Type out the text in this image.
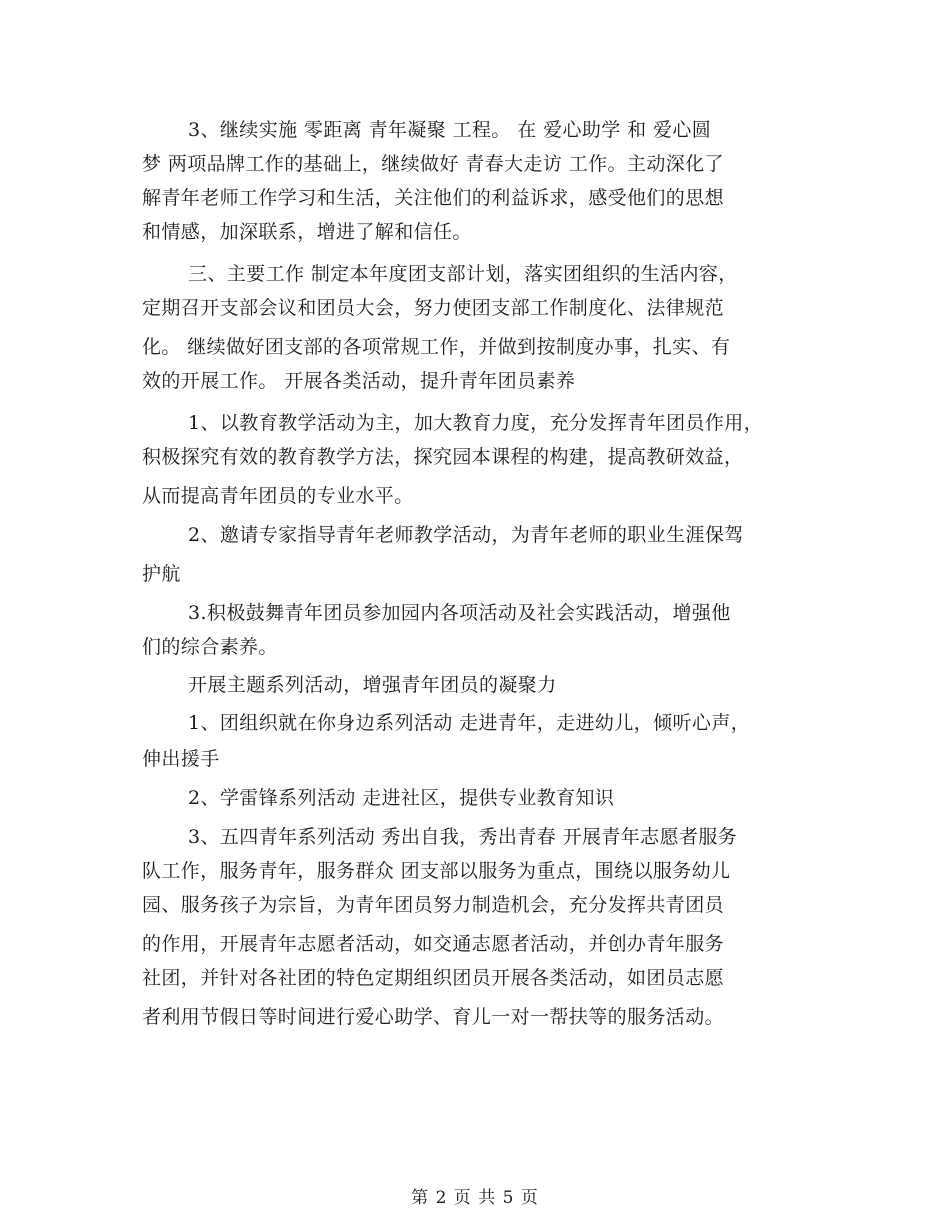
3、继续实施 零距离 青年凝聚 工程。 在 爱心助学 和 爱心圆
梦 两项品牌工作的基础上，继续做好 青春大走访 工作。主动深化了
解青年老师工作学习和生活，关注他们的利益诉求，感受他们的思想
和情感，加深联系，增进了解和信任。
三、主要工作 制定本年度团支部计划，落实团组织的生活内容，
定期召开支部会议和团员大会，努力使团支部工作制度化、法律规范
化。 继续做好团支部的各项常规工作，并做到按制度办事，扎实、有
效的开展工作。 开展各类活动，提升青年团员素养
1、以教育教学活动为主，加大教育力度，充分发挥青年团员作用，
积极探究有效的教育教学方法，探究园本课程的构建，提高教研效益，
从而提高青年团员的专业水平。
2、邀请专家指导青年老师教学活动，为青年老师的职业生涯保驾
护航
3.积极鼓舞青年团员参加园内各项活动及社会实践活动，增强他
们的综合素养。
开展主题系列活动，增强青年团员的凝聚力
1、团组织就在你身边系列活动 走进青年，走进幼儿，倾听心声，
伸出援手
2、学雷锋系列活动 走进社区，提供专业教育知识
3、五四青年系列活动 秀出自我，秀出青春 开展青年志愿者服务
队工作，服务青年，服务群众 团支部以服务为重点，围绕以服务幼儿
园、服务孩子为宗旨，为青年团员努力制造机会，充分发挥共青团员
的作用，开展青年志愿者活动，如交通志愿者活动，并创办青年服务
社团，并针对各社团的特色定期组织团员开展各类活动，如团员志愿
者利用节假日等时间进行爱心助学、育儿一对一帮扶等的服务活动。
第 2 页 共 5 页
